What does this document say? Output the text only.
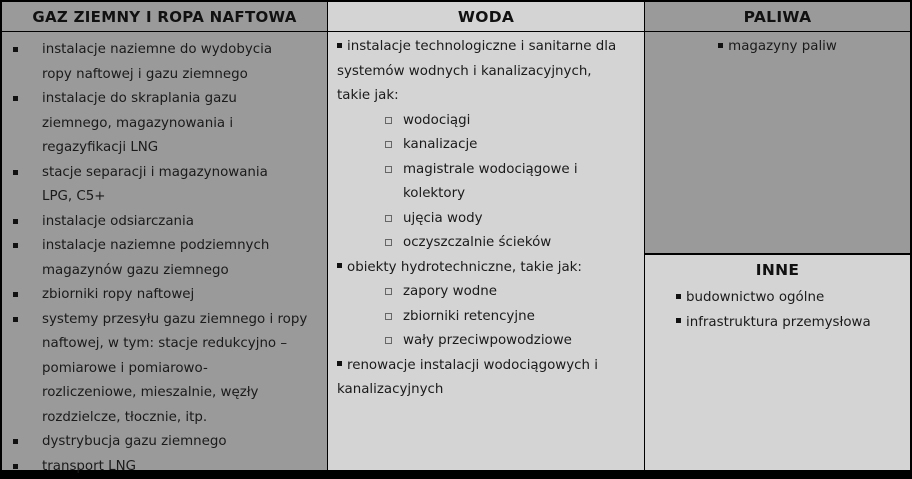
GAZ ZIEMNY I ROPA NAFTOWA
instalacje naziemne do wydobycia
ropy naftowej i gazu ziemnego
instalacje do skraplania gazu
ziemnego, magazynowania i
regazyfikacji LNG
stacje separacji i magazynowania
LPG, C5+
instalacje odsiarczania
instalacje naziemne podziemnych
magazynów gazu ziemnego
zbiorniki ropy naftowej
systemy przesyłu gazu ziemnego i ropy
naftowej, w tym: stacje redukcyjno –
pomiarowe i pomiarowo-
rozliczeniowe, mieszalnie, węzły
rozdzielcze, tłocznie, itp.
dystrybucja gazu ziemnego
transport LNG
WODA

instalacje technologiczne i sanitarne dla
systemów wodnych i kanalizacyjnych,
takie jak:

wodociągi
kanalizacje
magistrale wodociągowe i
kolektory
ujęcia wody
oczyszczalnie ścieków

obiekty hydrotechniczne, takie jak:

zapory wodne
zbiorniki retencyjne
wały przeciwpowodziowe

renowacje instalacji wodociągowych i
kanalizacyjnych

PALIWA
magazyny paliw
INNE
budownictwo ogólne
infrastruktura przemysłowa
